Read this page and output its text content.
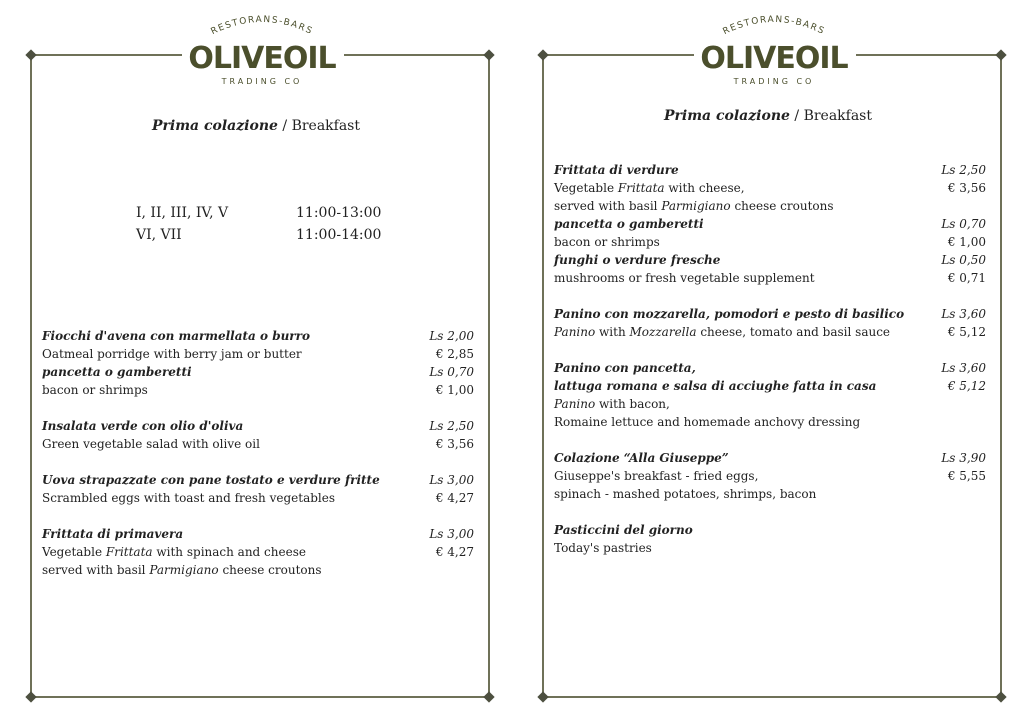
RESTORANS-BARS
OLIVEOIL
TRADING CO
Prima colazione / Breakfast
I, II, III, IV, V	11:00-13:00
VI, VII	11:00-14:00
Fiocchi d'avena con marmellata o burro	Ls 2,00
Oatmeal porridge with berry jam or butter	€ 2,85
pancetta o gamberetti	Ls 0,70
bacon or shrimps	€ 1,00
Insalata verde con olio d'oliva	Ls 2,50
Green vegetable salad with olive oil	€ 3,56
Uova strapazzate con pane tostato e verdure fritte	Ls 3,00
Scrambled eggs with toast and fresh vegetables	€ 4,27
Frittata di primavera	Ls 3,00
Vegetable Frittata with spinach and cheese	€ 4,27
served with basil Parmigiano cheese croutons
RESTORANS-BARS
OLIVEOIL
TRADING CO
Prima colazione / Breakfast
Frittata di verdure	Ls 2,50
Vegetable Frittata with cheese,	€ 3,56
served with basil Parmigiano cheese croutons
pancetta o gamberetti	Ls 0,70
bacon or shrimps	€ 1,00
funghi o verdure fresche	Ls 0,50
mushrooms or fresh vegetable supplement	€ 0,71
Panino con mozzarella, pomodori e pesto di basilico	Ls 3,60
Panino with Mozzarella cheese, tomato and basil sauce	€ 5,12
Panino con pancetta,	Ls 3,60
lattuga romana e salsa di acciughe fatta in casa	€ 5,12
Panino with bacon,
Romaine lettuce and homemade anchovy dressing
Colazione “Alla Giuseppe”	Ls 3,90
Giuseppe's breakfast - fried eggs,	€ 5,55
spinach - mashed potatoes, shrimps, bacon
Pasticcini del giorno
Today's pastries
